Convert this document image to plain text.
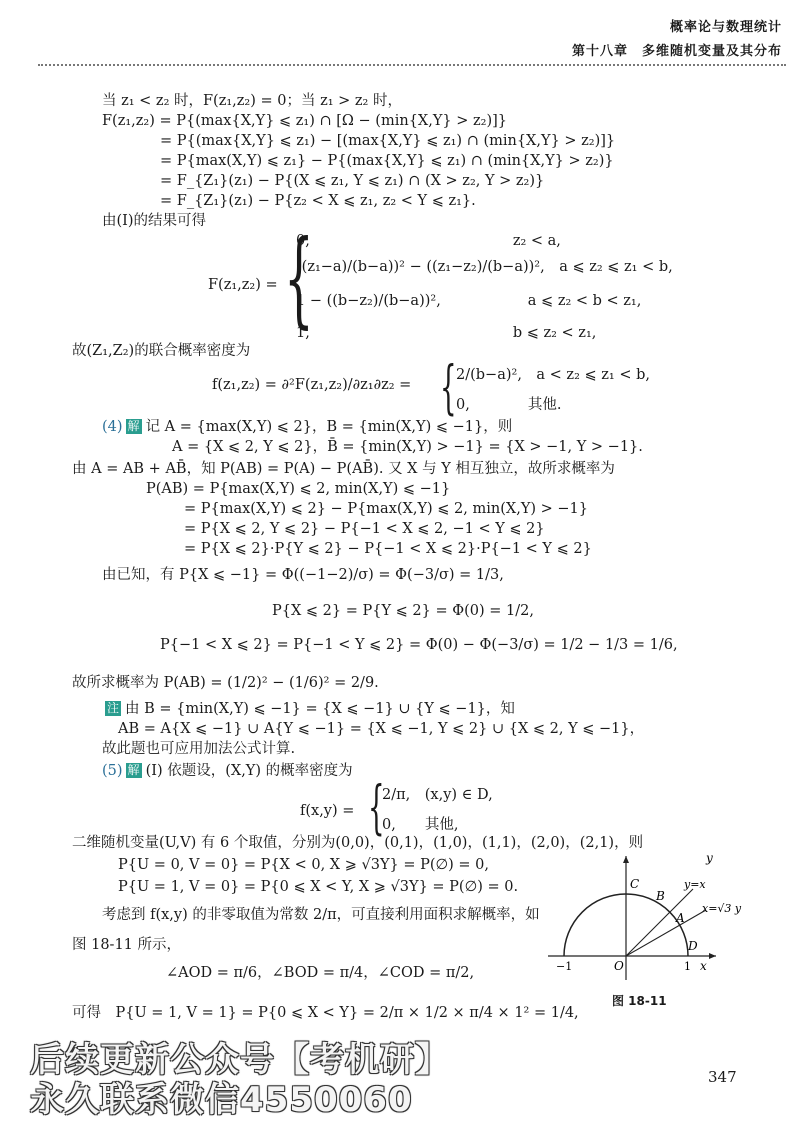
概率论与数理统计
第十八章　多维随机变量及其分布
当 z₁ < z₂ 时，F(z₁,z₂) = 0；当 z₁ > z₂ 时，
F(z₁,z₂) = P{(max{X,Y} ⩽ z₁) ∩ [Ω − (min{X,Y} > z₂)]}
= P{(max{X,Y} ⩽ z₁) − [(max{X,Y} ⩽ z₁) ∩ (min{X,Y} > z₂)]}
= P{max(X,Y) ⩽ z₁} − P{(max{X,Y} ⩽ z₁) ∩ (min{X,Y} > z₂)}
= F_{Z₁}(z₁) − P{(X ⩽ z₁, Y ⩽ z₁) ∩ (X > z₂, Y > z₂)}
= F_{Z₁}(z₁) − P{z₂ < X ⩽ z₁, z₂ < Y ⩽ z₁}.
由(Ⅰ)的结果可得
F(z₁,z₂) = {
0,　　　　　　　　　　　　　　z₂ < a,
((z₁−a)/(b−a))² − ((z₁−z₂)/(b−a))²,　a ⩽ z₂ ⩽ z₁ < b,
1 − ((b−z₂)/(b−a))²,　　　　　　a ⩽ z₂ < b < z₁,
1,　　　　　　　　　　　　　　b ⩽ z₂ < z₁,
故(Z₁,Z₂)的联合概率密度为
f(z₁,z₂) = ∂²F(z₁,z₂)/∂z₁∂z₂ = { 2/(b−a)²,　a < z₂ ⩽ z₁ < b,
0,　　　　其他.
(4) 解 记 A = {max(X,Y) ⩽ 2}，B = {min(X,Y) ⩽ −1}，则
A = {X ⩽ 2, Y ⩽ 2}，B̄ = {min(X,Y) > −1} = {X > −1, Y > −1}.
由 A = AB + AB̄，知 P(AB) = P(A) − P(AB̄). 又 X 与 Y 相互独立，故所求概率为
P(AB) = P{max(X,Y) ⩽ 2, min(X,Y) ⩽ −1}
= P{max(X,Y) ⩽ 2} − P{max(X,Y) ⩽ 2, min(X,Y) > −1}
= P{X ⩽ 2, Y ⩽ 2} − P{−1 < X ⩽ 2, −1 < Y ⩽ 2}
= P{X ⩽ 2}·P{Y ⩽ 2} − P{−1 < X ⩽ 2}·P{−1 < Y ⩽ 2}
由已知，有 P{X ⩽ −1} = Φ((−1−2)/σ) = Φ(−3/σ) = 1/3,
P{X ⩽ 2} = P{Y ⩽ 2} = Φ(0) = 1/2,
P{−1 < X ⩽ 2} = P{−1 < Y ⩽ 2} = Φ(0) − Φ(−3/σ) = 1/2 − 1/3 = 1/6,
故所求概率为 P(AB) = (1/2)² − (1/6)² = 2/9.
注 由 B = {min(X,Y) ⩽ −1} = {X ⩽ −1} ∪ {Y ⩽ −1}，知
AB = A{X ⩽ −1} ∪ A{Y ⩽ −1} = {X ⩽ −1, Y ⩽ 2} ∪ {X ⩽ 2, Y ⩽ −1}，
故此题也可应用加法公式计算.
(5) 解 (Ⅰ) 依题设，(X,Y) 的概率密度为
f(x,y) = {
2/π,　(x,y) ∈ D,
0,　　其他,
二维随机变量(U,V) 有 6 个取值，分别为(0,0)，(0,1)，(1,0)，(1,1)，(2,0)，(2,1)，则
P{U = 0, V = 0} = P{X < 0, X ⩾ √3Y} = P(∅) = 0,
P{U = 1, V = 0} = P{0 ⩽ X < Y, X ⩾ √3Y} = P(∅) = 0.
考虑到 f(x,y) 的非零取值为常数 2/π，可直接利用面积求解概率，如
图 18-11 所示，
∠AOD = π/6，∠BOD = π/4，∠COD = π/2,
可得　P{U = 1, V = 1} = P{0 ⩽ X < Y} = 2/π × 1/2 × π/4 × 1² = 1/4,
y
x
y=x
x=√3 y
C
B
A
D
O
−1	1
图 18-11
后续更新公众号【考机研】
永久联系微信4550060
347
